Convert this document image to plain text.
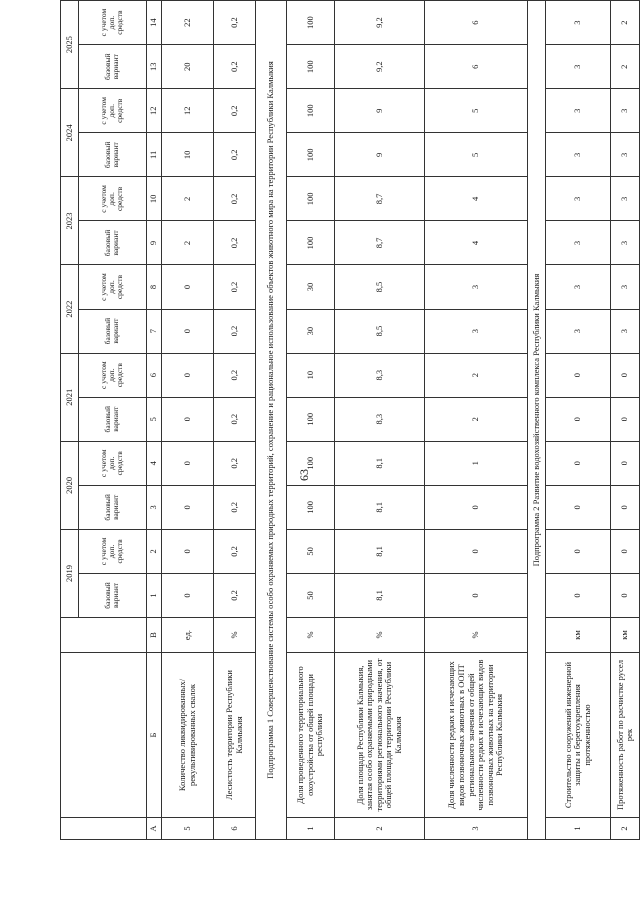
			2019		2020		2021		2022		2023		2024		2025	
			базовый вариант	с учетом доп. средств	базовый вариант	с учетом доп. средств	базовый вариант	с учетом доп. средств	базовый вариант	с учетом доп. средств	базовый вариант	с учетом доп. средств	базовый вариант	с учетом доп. средств	базовый вариант	с учетом доп. средств
А	Б	В	1	2	3	4	5	6	7	8	9	10	11	12	13	14
5	Количество ликвидированных/рекультивированных свалок	ед.	0	0	0	0	0	0	0	0	2	2	10	12	20	22
6	Лесистость территории Республики Калмыкия	%	0,2	0,2	0,2	0,2	0,2	0,2	0,2	0,2	0,2	0,2	0,2	0,2	0,2	0,2
Подпрограмма 1 Совершенствование системы особо охраняемых природных территорий, сохранение и рациональное использование объектов животного мира на территории Республики Калмыкия																
1	Доля проведенного территориального охоустройства от общей площади республики	%	50	50	100	100	100	10	30	30	100	100	100	100	100	100
2	Доля площади Республики Калмыкия, занятая особо охраняемыми природными территориями регионального значения, от общей площади территории Республики Калмыкия	%	8,1	8,1	8,1	8,1	8,3	8,3	8,5	8,5	8,7	8,7	9	9	9,2	9,2
3	Доля численности редких и исчезающих видов позвоночных животных в ООПТ регионального значения от общей численности редких и исчезающих видов позвоночных животных на территории Республики Калмыкия	%	0	0	0	1	2	2	3	3	4	4	5	5	6	6
Подпрограмма 2 Развитие водохозяйственного комплекса Республики Калмыкия																
1	Строительство сооружений инженерной защиты и берегоукрепления протяженностью	км	0	0	0	0	0	0	3	3	3	3	3	3	3	3
2	Протяженность работ по расчистке русел рек	км	0	0	0	0	0	0	3	3	3	3	3	3	2	2
63
